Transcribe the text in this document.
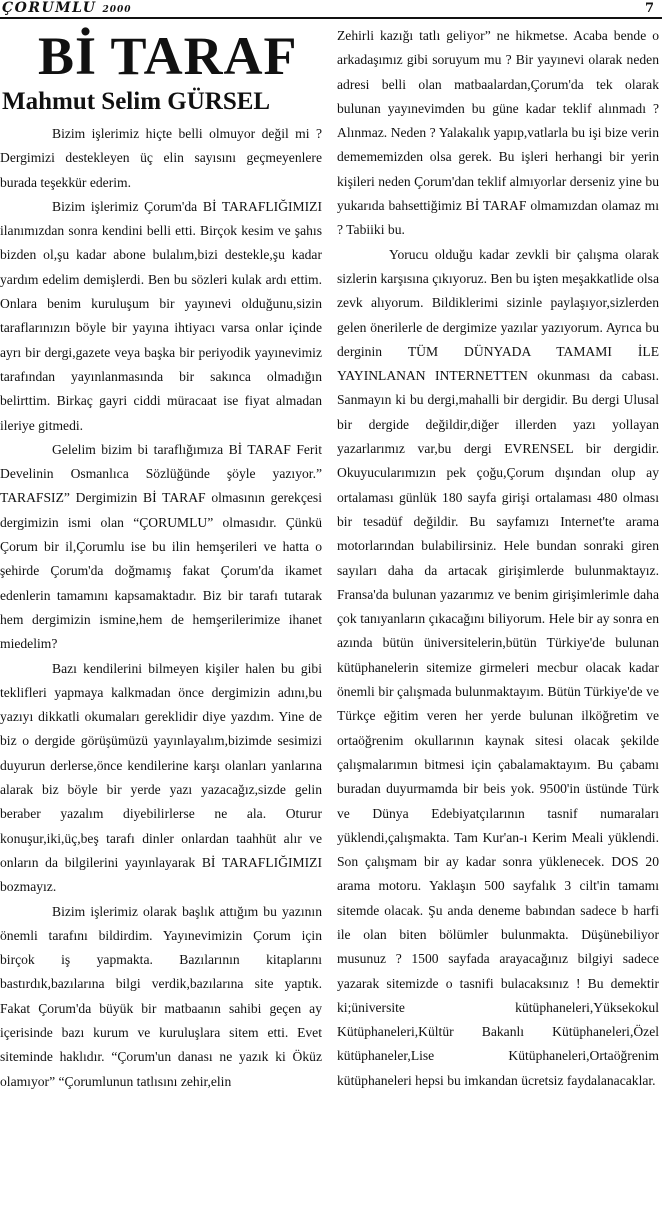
ÇORUMLU 2000	7
Bİ TARAF
Mahmut Selim GÜRSEL

Bizim işlerimiz hiçte belli olmuyor değil mi ? Dergimizi destekleyen üç elin sayısını geçmeyenlere burada teşekkür ederim.

Bizim işlerimiz Çorum'da Bİ TARAFLIĞIMIZI ilanımızdan sonra kendini belli etti. Birçok kesim ve şahıs bizden ol,şu kadar abone bulalım,bizi destekle,şu kadar yardım edelim demişlerdi. Ben bu sözleri kulak ardı ettim. Onlara benim kuruluşum bir yayınevi olduğunu,sizin taraflarınızın böyle bir yayına ihtiyacı varsa onlar içinde ayrı bir dergi,gazete veya başka bir periyodik yayınevimiz tarafından yayınlanmasında bir sakınca olmadığın belirttim. Birkaç gayri ciddi müracaat ise fiyat almadan ileriye gitmedi.

Gelelim bizim bi taraflığımıza Bİ TARAF Ferit Develinin Osmanlıca Sözlüğünde şöyle yazıyor.” TARAFSIZ” Dergimizin Bİ TARAF olmasının gerekçesi dergimizin ismi olan “ÇORUMLU” olmasıdır. Çünkü Çorum bir il,Çorumlu ise bu ilin hemşerileri ve hatta o şehirde Çorum'da doğmamış fakat Çorum'da ikamet edenlerin tamamını kapsamaktadır. Biz bir tarafı tutarak hem dergimizin ismine,hem de hemşerilerimize ihanet miedelim?

Bazı kendilerini bilmeyen kişiler halen bu gibi teklifleri yapmaya kalkmadan önce dergimizin adını,bu yazıyı dikkatli okumaları gereklidir diye yazdım. Yine de biz o dergide görüşümüzü yayınlayalım,bizimde sesimizi duyurun derlerse,önce kendilerine karşı olanları yanlarına alarak biz böyle bir yerde yazı yazacağız,sizde gelin beraber yazalım diyebilirlerse ne ala. Oturur konuşur,iki,üç,beş tarafı dinler onlardan taahhüt alır ve onların da bilgilerini yayınlayarak Bİ TARAFLIĞIMIZI bozmayız.

Bizim işlerimiz olarak başlık attığım bu yazının önemli tarafını bildirdim. Yayınevimizin Çorum için birçok iş yapmakta. Bazılarının kitaplarını bastırdık,bazılarına bilgi verdik,bazılarına site yaptık. Fakat Çorum'da büyük bir matbaanın sahibi geçen ay içerisinde bazı kurum ve kuruluşlara sitem etti. Evet siteminde haklıdır. “Çorum'un danası ne yazık ki Öküz olamıyor” “Çorumlunun tatlısını zehir,elin

Zehirli kazığı tatlı geliyor” ne hikmetse. Acaba bende o arkadaşımız gibi soruyum mu ? Bir yayınevi olarak neden adresi belli olan matbaalardan,Çorum'da tek olarak bulunan yayınevimden bu güne kadar teklif alınmadı ? Alınmaz. Neden ? Yalakalık yapıp,vatlarla bu işi bize verin demememizden olsa gerek. Bu işleri herhangi bir yerin kişileri neden Çorum'dan teklif almıyorlar derseniz yine bu yukarıda bahsettiğimiz Bİ TARAF olmamızdan olamaz mı ? Tabiiki bu.

Yorucu olduğu kadar zevkli bir çalışma olarak sizlerin karşısına çıkıyoruz. Ben bu işten meşakkatlide olsa zevk alıyorum. Bildiklerimi sizinle paylaşıyor,sizlerden gelen önerilerle de dergimize yazılar yazıyorum. Ayrıca bu derginin TÜM DÜNYADA TAMAMI İLE YAYINLANAN INTERNETTEN okunması da cabası. Sanmayın ki bu dergi,mahalli bir dergidir. Bu dergi Ulusal bir dergide değildir,diğer illerden yazı yollayan yazarlarımız var,bu dergi EVRENSEL bir dergidir. Okuyucularımızın pek çoğu,Çorum dışından olup ay ortalaması günlük 180 sayfa girişi ortalaması 480 olması bir tesadüf değildir. Bu sayfamızı Internet'te arama motorlarından bulabilirsiniz. Hele bundan sonraki giren sayıları daha da artacak girişimlerde bulunmaktayız. Fransa'da bulunan yazarımız ve benim girişimlerimle daha çok tanıyanların çıkacağını biliyorum. Hele bir ay sonra en azında bütün üniversitelerin,bütün Türkiye'de bulunan kütüphanelerin sitemize girmeleri mecbur olacak kadar önemli bir çalışmada bulunmaktayım. Bütün Türkiye'de ve Türkçe eğitim veren her yerde bulunan ilköğretim ve ortaöğrenim okullarının kaynak sitesi olacak şekilde çalışmalarımın bitmesi için çabalamaktayım. Bu çabamı buradan duyurmamda bir beis yok. 9500'in üstünde Türk ve Dünya Edebiyatçılarının tasnif numaraları yüklendi,çalışmakta. Tam Kur'an-ı Kerim Meali yüklendi. Son çalışmam bir ay kadar sonra yüklenecek. DOS 20 arama motoru. Yaklaşın 500 sayfalık 3 cilt'in tamamı sitemde olacak. Şu anda deneme babından sadece b harfi ile olan biten bölümler bulunmakta. Düşünebiliyor musunuz ? 1500 sayfada arayacağınız bilgiyi sadece yazarak sitemizde o tasnifi bulacaksınız ! Bu demektir ki;üniversite kütüphaneleri,Yüksekokul Kütüphaneleri,Kültür Bakanlı Kütüphaneleri,Özel kütüphaneler,Lise Kütüphaneleri,Ortaöğrenim kütüphaneleri hepsi bu imkandan ücretsiz faydalanacaklar.
